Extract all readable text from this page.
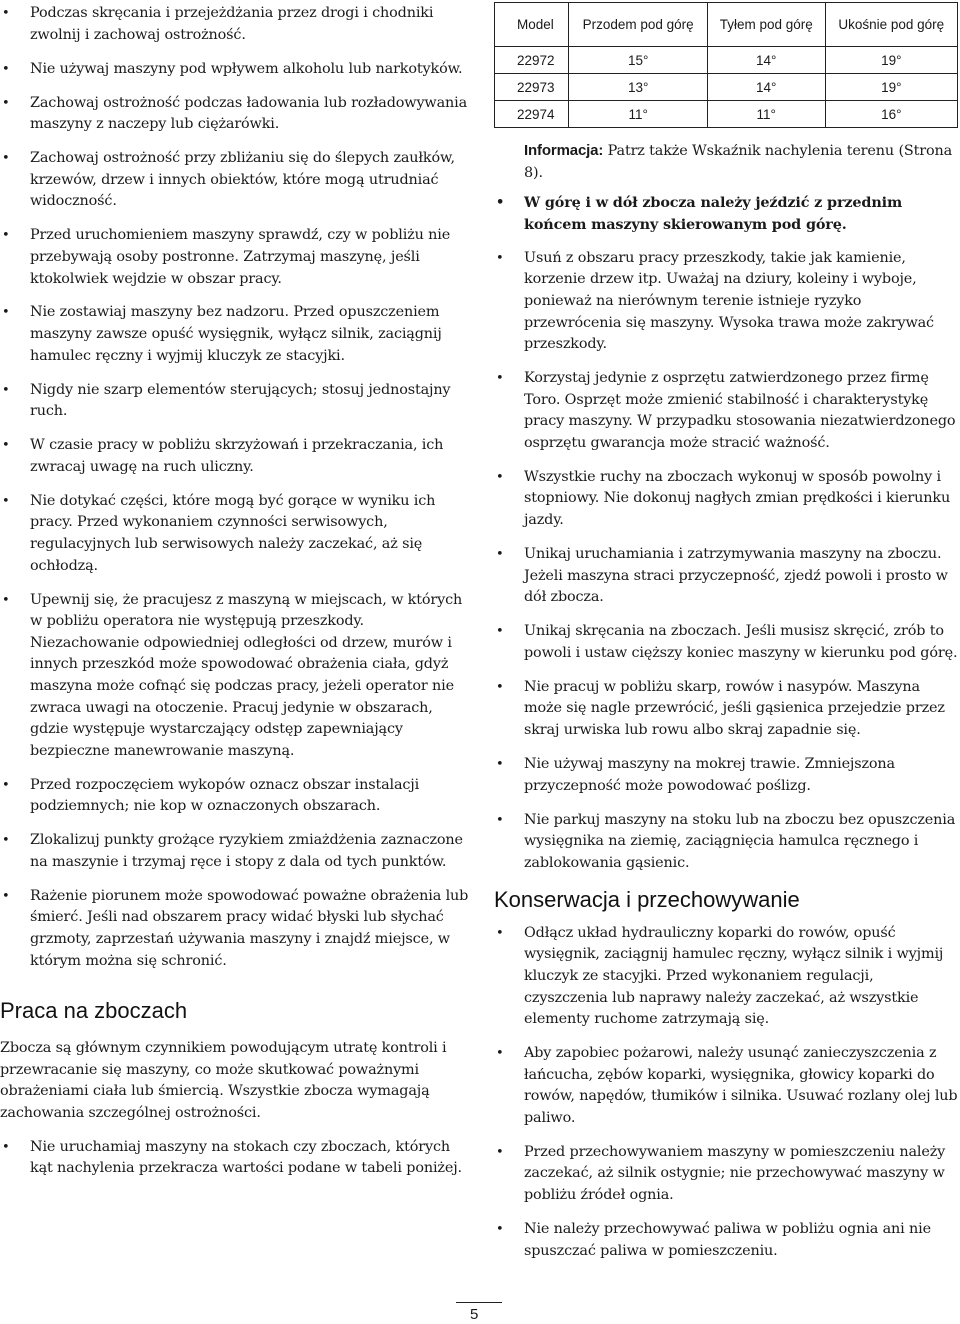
• Podczas skręcania i przejeżdżania przez drogi i chodniki zwolnij i zachowaj ostrożność.
• Nie używaj maszyny pod wpływem alkoholu lub narkotyków.
• Zachowaj ostrożność podczas ładowania lub rozładowywania maszyny z naczepy lub ciężarówki.
• Zachowaj ostrożność przy zbliżaniu się do ślepych zaułków, krzewów, drzew i innych obiektów, które mogą utrudniać widoczność.
• Przed uruchomieniem maszyny sprawdź, czy w pobliżu nie przebywają osoby postronne. Zatrzymaj maszynę, jeśli ktokolwiek wejdzie w obszar pracy.
• Nie zostawiaj maszyny bez nadzoru. Przed opuszczeniem maszyny zawsze opuść wysięgnik, wyłącz silnik, zaciągnij hamulec ręczny i wyjmij kluczyk ze stacyjki.
• Nigdy nie szarp elementów sterujących; stosuj jednostajny ruch.
• W czasie pracy w pobliżu skrzyżowań i przekraczania, ich zwracaj uwagę na ruch uliczny.
• Nie dotykać części, które mogą być gorące w wyniku ich pracy. Przed wykonaniem czynności serwisowych, regulacyjnych lub serwisowych należy zaczekać, aż się ochłodzą.
• Upewnij się, że pracujesz z maszyną w miejscach, w których w pobliżu operatora nie występują przeszkody. Niezachowanie odpowiedniej odległości od drzew, murów i innych przeszkód może spowodować obrażenia ciała, gdyż maszyna może cofnąć się podczas pracy, jeżeli operator nie zwraca uwagi na otoczenie. Pracuj jedynie w obszarach, gdzie występuje wystarczający odstęp zapewniający bezpieczne manewrowanie maszyną.
• Przed rozpoczęciem wykopów oznacz obszar instalacji podziemnych; nie kop w oznaczonych obszarach.
• Zlokalizuj punkty grożące ryzykiem zmiażdżenia zaznaczone na maszynie i trzymaj ręce i stopy z dala od tych punktów.
• Rażenie piorunem może spowodować poważne obrażenia lub śmierć. Jeśli nad obszarem pracy widać błyski lub słychać grzmoty, zaprzestań używania maszyny i znajdź miejsce, w którym można się schronić.
Praca na zboczach

Zbocza są głównym czynnikiem powodującym utratę kontroli i przewracanie się maszyny, co może skutkować poważnymi obrażeniami ciała lub śmiercią. Wszystkie zbocza wymagają zachowania szczególnej ostrożności.

• Nie uruchamiaj maszyny na stokach czy zboczach, których kąt nachylenia przekracza wartości podane w tabeli poniżej.
Model	Przodem pod górę	Tyłem pod górę	Ukośnie pod górę
22972	15°	14°	19°
22973	13°	14°	19°
22974	11°	11°	16°
Informacja: Patrz także Wskaźnik nachylenia terenu (Strona 8).
• W górę i w dół zbocza należy jeździć z przednim końcem maszyny skierowanym pod górę.
• Usuń z obszaru pracy przeszkody, takie jak kamienie, korzenie drzew itp. Uważaj na dziury, koleiny i wyboje, ponieważ na nierównym terenie istnieje ryzyko przewrócenia się maszyny. Wysoka trawa może zakrywać przeszkody.
• Korzystaj jedynie z osprzętu zatwierdzonego przez firmę Toro. Osprzęt może zmienić stabilność i charakterystykę pracy maszyny. W przypadku stosowania niezatwierdzonego osprzętu gwarancja może stracić ważność.
• Wszystkie ruchy na zboczach wykonuj w sposób powolny i stopniowy. Nie dokonuj nagłych zmian prędkości i kierunku jazdy.
• Unikaj uruchamiania i zatrzymywania maszyny na zboczu. Jeżeli maszyna straci przyczepność, zjedź powoli i prosto w dół zbocza.
• Unikaj skręcania na zboczach. Jeśli musisz skręcić, zrób to powoli i ustaw cięższy koniec maszyny w kierunku pod górę.
• Nie pracuj w pobliżu skarp, rowów i nasypów. Maszyna może się nagle przewrócić, jeśli gąsienica przejedzie przez skraj urwiska lub rowu albo skraj zapadnie się.
• Nie używaj maszyny na mokrej trawie. Zmniejszona przyczepność może powodować poślizg.
• Nie parkuj maszyny na stoku lub na zboczu bez opuszczenia wysięgnika na ziemię, zaciągnięcia hamulca ręcznego i zablokowania gąsienic.
Konserwacja i przechowywanie
• Odłącz układ hydrauliczny koparki do rowów, opuść wysięgnik, zaciągnij hamulec ręczny, wyłącz silnik i wyjmij kluczyk ze stacyjki. Przed wykonaniem regulacji, czyszczenia lub naprawy należy zaczekać, aż wszystkie elementy ruchome zatrzymają się.
• Aby zapobiec pożarowi, należy usunąć zanieczyszczenia z łańcucha, zębów koparki, wysięgnika, głowicy koparki do rowów, napędów, tłumików i silnika. Usuwać rozlany olej lub paliwo.
• Przed przechowywaniem maszyny w pomieszczeniu należy zaczekać, aż silnik ostygnie; nie przechowywać maszyny w pobliżu źródeł ognia.
• Nie należy przechowywać paliwa w pobliżu ognia ani nie spuszczać paliwa w pomieszczeniu.
5
